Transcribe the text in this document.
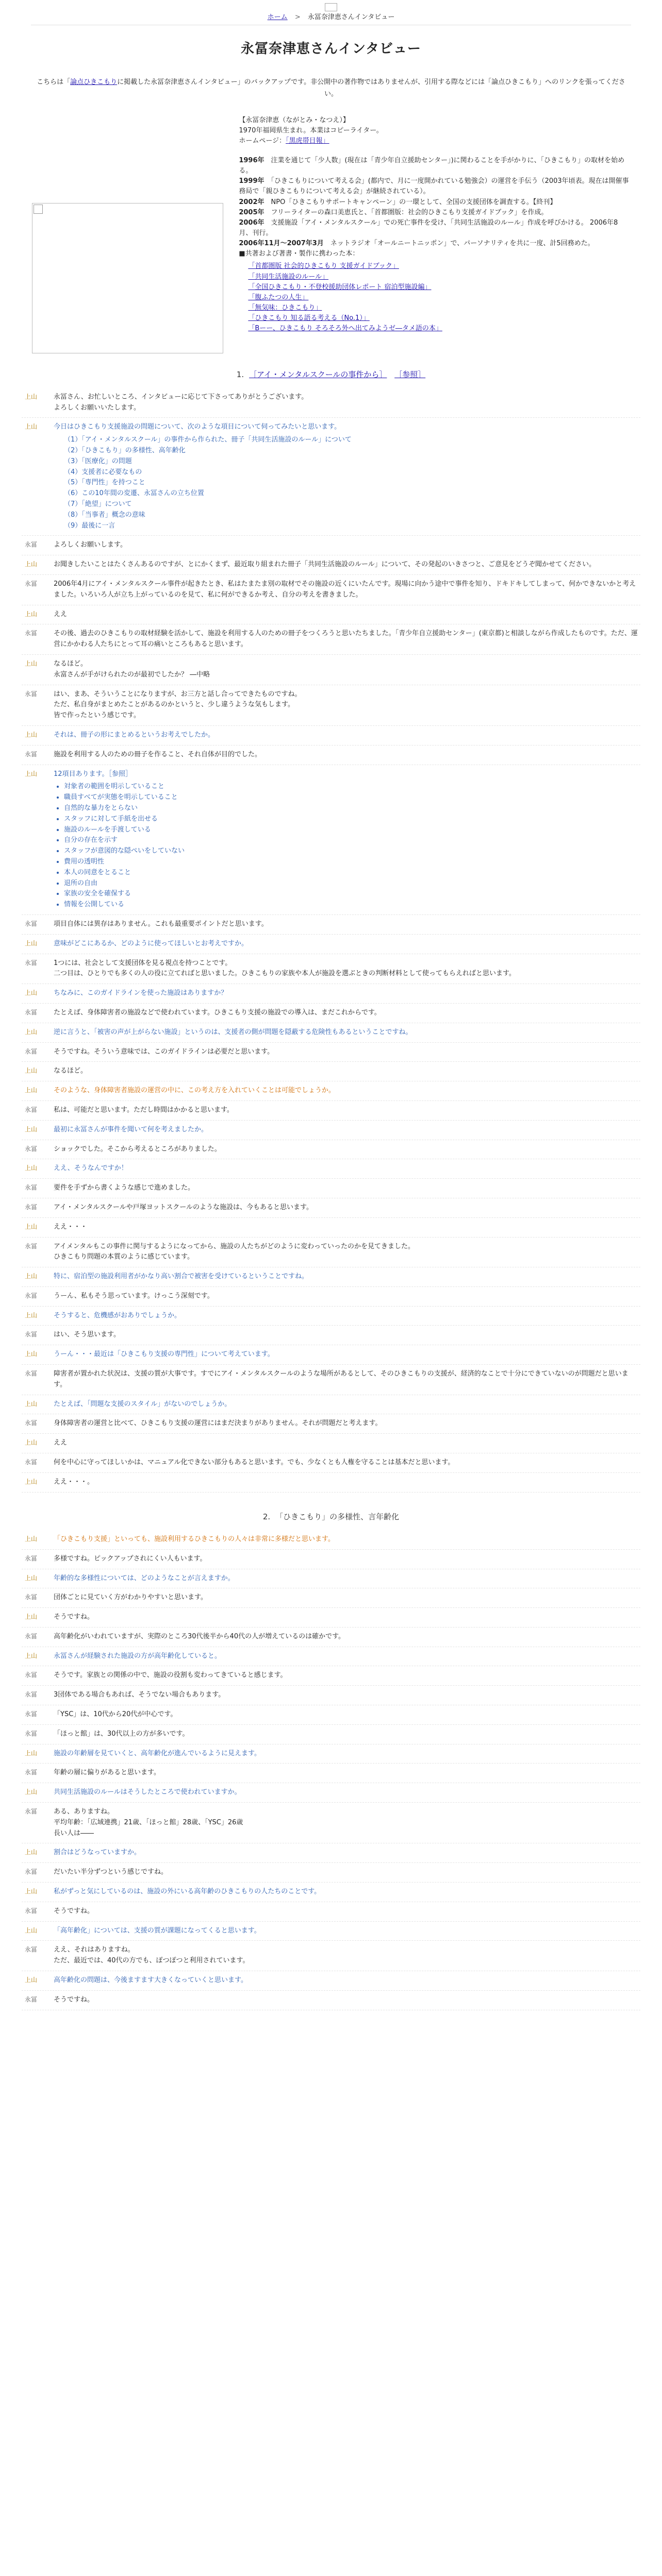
ホーム > 永冨奈津恵さんインタビュー
永冨奈津恵さんインタビュー
こちらは「論点ひきこもりに掲載した永冨奈津恵さんインタビュー」のバックアップです。非公開中の著作物ではありませんが、引用する際などには「論点ひきこもり」へのリンクを張ってください。

【永冨奈津恵（ながとみ・なつえ）】

1970年福岡県生まれ。本業はコピーライター。

ホームページ：「黒虎帯日報」

1996年　 注業を通じて「少人数」(現在は「青少年自立援助センター」)に関わることを手がかりに、「ひきこもり」の取材を始める。

1999年　 「ひきこもりについて考える会」(都内で、月に一度開かれている勉強会）の運営を手伝う（2003年頃表。現在は開催事務局で「親ひきこもりについて考える会」が継続されている）。

2002年　 NPO「ひきこもりサポートキャンペーン」の一環として、全国の支援団体を調査する。【終刊】

2005年　 フリーライターの森口美恵氏と、「首都圏版：社会的ひきこもり支援ガイドブック」を作成。

2006年　 支援施設「アイ・メンタルスクール」での死亡事件を受け、「共同生活施設のルール」作成を呼びかける。 2006年8月、刊行。

2006年11月〜2007年3月　 ネットラジオ「オールニートニッポン」で、パーソナリティを共に一度、計5回務めた。

■共著および著書・製作に携わった本：

「首都圏版 社会的ひきこもり 支援ガイドブック」
「共同生活施設のルール」
「全国ひきこもり・不登校援助団体レポート 宿泊型施設編」
「腹ふたつの人生」
「無気味：ひきこもり」
「ひきこもり 知る語る考える（No.1）」
「Bーー、ひきこもり そろそろ外へ出てみようゼ―タメ語の本」
1. ［アイ・メンタルスクールの事件から］ ［参照］
上山	永冨さん、お忙しいところ、インタビューに応じて下さってありがとうございます。
よろしくお願いいたします。

上山	今日はひきこもり支援施設の問題について、次のような項目について伺ってみたいと思います。

（1）「アイ・メンタルスクール」の事件から作られた、冊子「共同生活施設のルール」について
（2）「ひきこもり」の多様性、高年齢化
（3）「医療化」の問題
（4）支援者に必要なもの
（5）「専門性」を持つこと
（6）この10年間の変遷、永冨さんの立ち位置
（7）「絶望」について
（8）「当事者」概念の意味
（9）最後に一言
永冨	よろしくお願いします。

上山	お聞きしたいことはたくさんあるのですが、とにかくまず、最近取り組まれた冊子「共同生活施設のルール」について、その発起のいきさつと、ご意見をどうぞ聞かせてください。

永冨	2006年4月にアイ・メンタルスクール事件が起きたとき、私はたまたま別の取材でその施設の近くにいたんです。現場に向かう途中で事件を知り、ドキドキしてしまって、何かできないかと考えました。いろいろ人が立ち上がっているのを見て、私に何ができるか考え、自分の考えを書きました。

上山	ええ

永冨	その後、過去のひきこもりの取材経験を活かして、施設を利用する人のための冊子をつくろうと思いたちました。「青少年自立援助センター」(東京都)と相談しながら作成したものです。ただ、運営にかかわる人たちにとって耳の痛いところもあると思います。

上山	なるほど。
永富さんが手がけられたのが最初でしたか？ ―中略

永冨	はい、まあ、そういうことになりますが、お三方と話し合ってできたものですね。
ただ、私自身がまとめたことがあるのかというと、少し違うような気もします。
皆で作ったという感じです。

上山	それは、冊子の形にまとめるというお考えでしたか。

永冨	施設を利用する人のための冊子を作ること、それ自体が目的でした。

上山	12項目あります。［参照］

• 対象者の範囲を明示していること
• 職員すべてが実態を明示していること
• 自然的な暴力をとらない
• スタッフに対して手紙を出せる
• 施設のルールを手渡している
• 自分の存在を示す
• スタッフが意図的な隠ぺいをしていない
• 費用の透明性
• 本人の同意をとること
• 退所の自由
• 家族の安全を確保する
• 情報を公開している
永冨	項目自体には異存はありません。これも最重要ポイントだと思います。

上山	意味がどこにあるか、どのように使ってほしいとお考えですか。

永冨	1つには、社会として支援団体を見る視点を持つことです。
二つ目は、ひとりでも多くの人の役に立てればと思いました。ひきこもりの家族や本人が施設を選ぶときの判断材料として使ってもらえればと思います。

上山	ちなみに、このガイドラインを使った施設はありますか？

永冨	たとえば、身体障害者の施設などで使われています。ひきこもり支援の施設での導入は、まだこれからです。

上山	逆に言うと、「被害の声が上がらない施設」というのは、支援者の側が問題を隠蔽する危険性もあるということですね。

永冨	そうですね。そういう意味では、このガイドラインは必要だと思います。

上山	なるほど。

上山	そのような、身体障害者施設の運営の中に、この考え方を入れていくことは可能でしょうか。

永冨	私は、可能だと思います。ただし時間はかかると思います。

上山	最初に永冨さんが事件を聞いて何を考えましたか。

永冨	ショックでした。そこから考えるところがありました。

上山	ええ、そうなんですか！

永冨	要件を手ずから書くような感じで進めました。

永冨	アイ・メンタルスクールや戸塚ヨットスクールのような施設は、今もあると思います。

上山	ええ・・・

永冨	アイメンタルもこの事件に関与するようになってから、施設の人たちがどのように変わっていったのかを見てきました。
ひきこもり問題の本質のように感じています。

上山	特に、宿泊型の施設利用者がかなり高い割合で被害を受けているということですね。

永冨	うーん、私もそう思っています。けっこう深刻です。

上山	そうすると、危機感がおありでしょうか。

永冨	はい、そう思います。

上山	うーん・・・最近は「ひきこもり支援の専門性」について考えています。

永冨	障害者が置かれた状況は、支援の質が大事です。すでにアイ・メンタルスクールのような場所があるとして、そのひきこもりの支援が、経済的なことで十分にできていないのが問題だと思います。

上山	たとえば、「問題な支援のスタイル」がないのでしょうか。

永冨	身体障害者の運営と比べて、ひきこもり支援の運営にはまだ決まりがありません。それが問題だと考えます。

上山	ええ

永冨	何を中心に守ってほしいかは、マニュアル化できない部分もあると思います。でも、少なくとも人権を守ることは基本だと思います。

上山	ええ・・・。

2. 「ひきこもり」の多様性、言年齢化
上山	「ひきこもり支援」といっても、施設利用するひきこもりの人々は非常に多様だと思います。

永冨	多様ですね。ピックアップされにくい人もいます。

上山	年齢的な多様性については、どのようなことが言えますか。

永冨	団体ごとに見ていく方がわかりやすいと思います。

上山	そうですね。

永冨	高年齢化がいわれていますが、実際のところ30代後半から40代の人が増えているのは確かです。

上山	永冨さんが経験された施設の方が高年齢化していると。

永冨	そうです。家族との関係の中で、施設の役割も変わってきていると感じます。

永冨	3団体である場合もあれば、そうでない場合もあります。

永冨	「YSC」は、10代から20代が中心です。

永冨	「ほっと館」は、30代以上の方が多いです。

上山	施設の年齢層を見ていくと、高年齢化が進んでいるように見えます。

永冨	年齢の層に偏りがあると思います。

上山	共同生活施設のルールはそうしたところで使われていますか。

永冨	ある、ありますね。
平均年齢：「広域連携」21歳、「ほっと館」28歳、「YSC」26歳
長い人は――

上山	割合はどうなっていますか。

永冨	だいたい半分ずつという感じですね。

上山	私がずっと気にしているのは、施設の外にいる高年齢のひきこもりの人たちのことです。

永冨	そうですね。

上山	「高年齢化」については、支援の質が課題になってくると思います。

永冨	ええ、それはありますね。
ただ、最近では、40代の方でも、ぽつぽつと利用されています。

上山	高年齢化の問題は、今後ますます大きくなっていくと思います。

永冨	そうですね。
